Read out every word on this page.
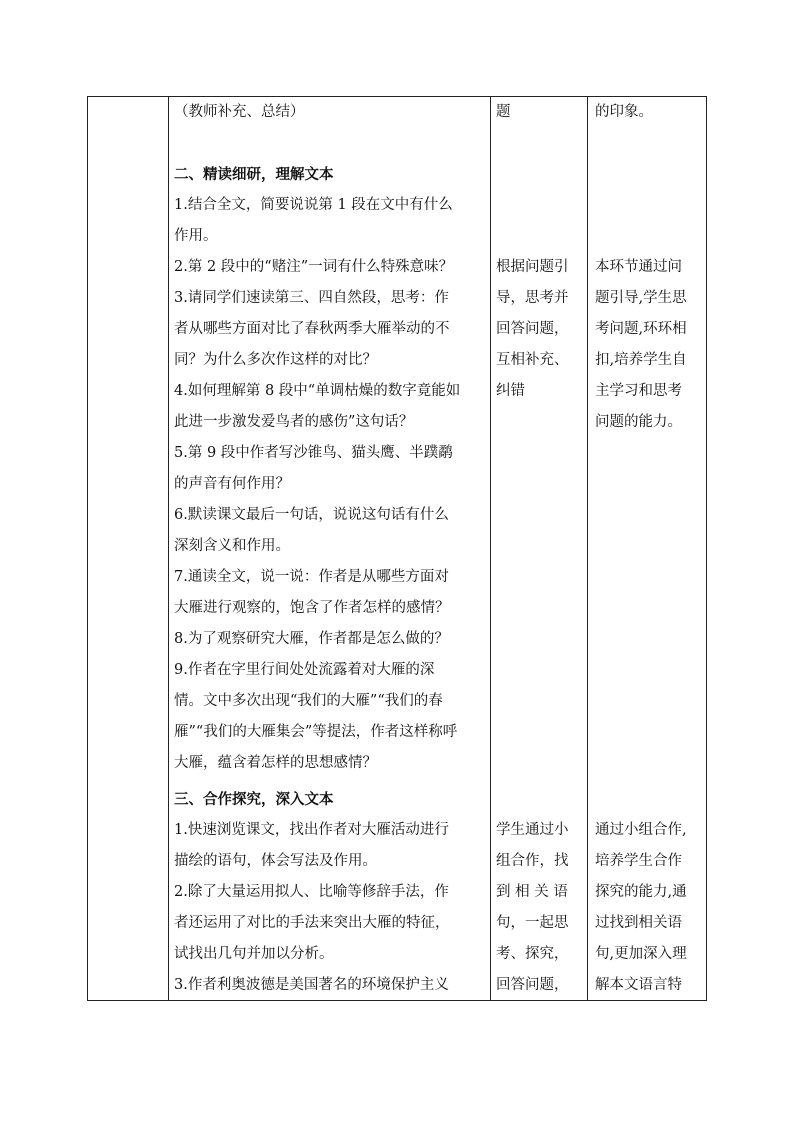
（教师补充、总结）
二、精读细研，理解文本
1.结合全文，简要说说第 1 段在文中有什么
作用。
2.第 2 段中的“赌注”一词有什么特殊意味？
3.请同学们速读第三、四自然段，思考：作
者从哪些方面对比了春秋两季大雁举动的不
同？为什么多次作这样的对比？
4.如何理解第 8 段中“单调枯燥的数字竟能如
此进一步激发爱鸟者的感伤”这句话？
5.第 9 段中作者写沙锥鸟、猫头鹰、半蹼鹬
的声音有何作用？
6.默读课文最后一句话，说说这句话有什么
深刻含义和作用。
7.通读全文，说一说：作者是从哪些方面对
大雁进行观察的，饱含了作者怎样的感情？
8.为了观察研究大雁，作者都是怎么做的？
9.作者在字里行间处处流露着对大雁的深
情。文中多次出现“我们的大雁”“我们的春
雁”“我们的大雁集会”等提法，作者这样称呼
大雁，蕴含着怎样的思想感情？
三、合作探究，深入文本
1.快速浏览课文，找出作者对大雁活动进行
描绘的语句，体会写法及作用。
2.除了大量运用拟人、比喻等修辞手法，作
者还运用了对比的手法来突出大雁的特征，
试找出几句并加以分析。
3.作者利奥波德是美国著名的环境保护主义
题
根据问题引
导，思考并
回答问题，
互相补充、
纠错
学生通过小
组合作，找
到 相 关 语
句，一起思
考、探究，
回答问题，
的印象。
本环节通过问
题引导,学生思
考问题,环环相
扣,培养学生自
主学习和思考
问题的能力。
通过小组合作,
培养学生合作
探究的能力,通
过找到相关语
句,更加深入理
解本文语言特
